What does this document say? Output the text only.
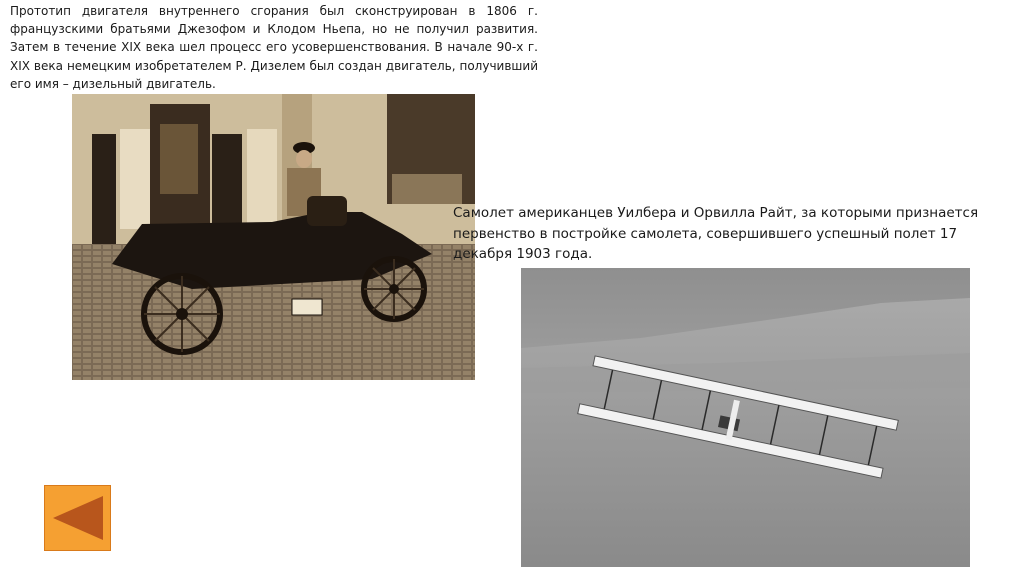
Прототип двигателя внутреннего сгорания был сконструирован в 1806 г. французскими братьями Джезофом и Клодом Ньепа, но не получил развития. Затем в течение XIX века шел процесс его усовершенствования. В начале 90-х г. XIX века немецким изобретателем Р. Дизелем был создан двигатель, получивший его имя – дизельный двигатель.

Самолет американцев Уилбера и Орвилла Райт, за которыми признается первенство в постройке самолета, совершившего успешный полет 17 декабря 1903 года.
